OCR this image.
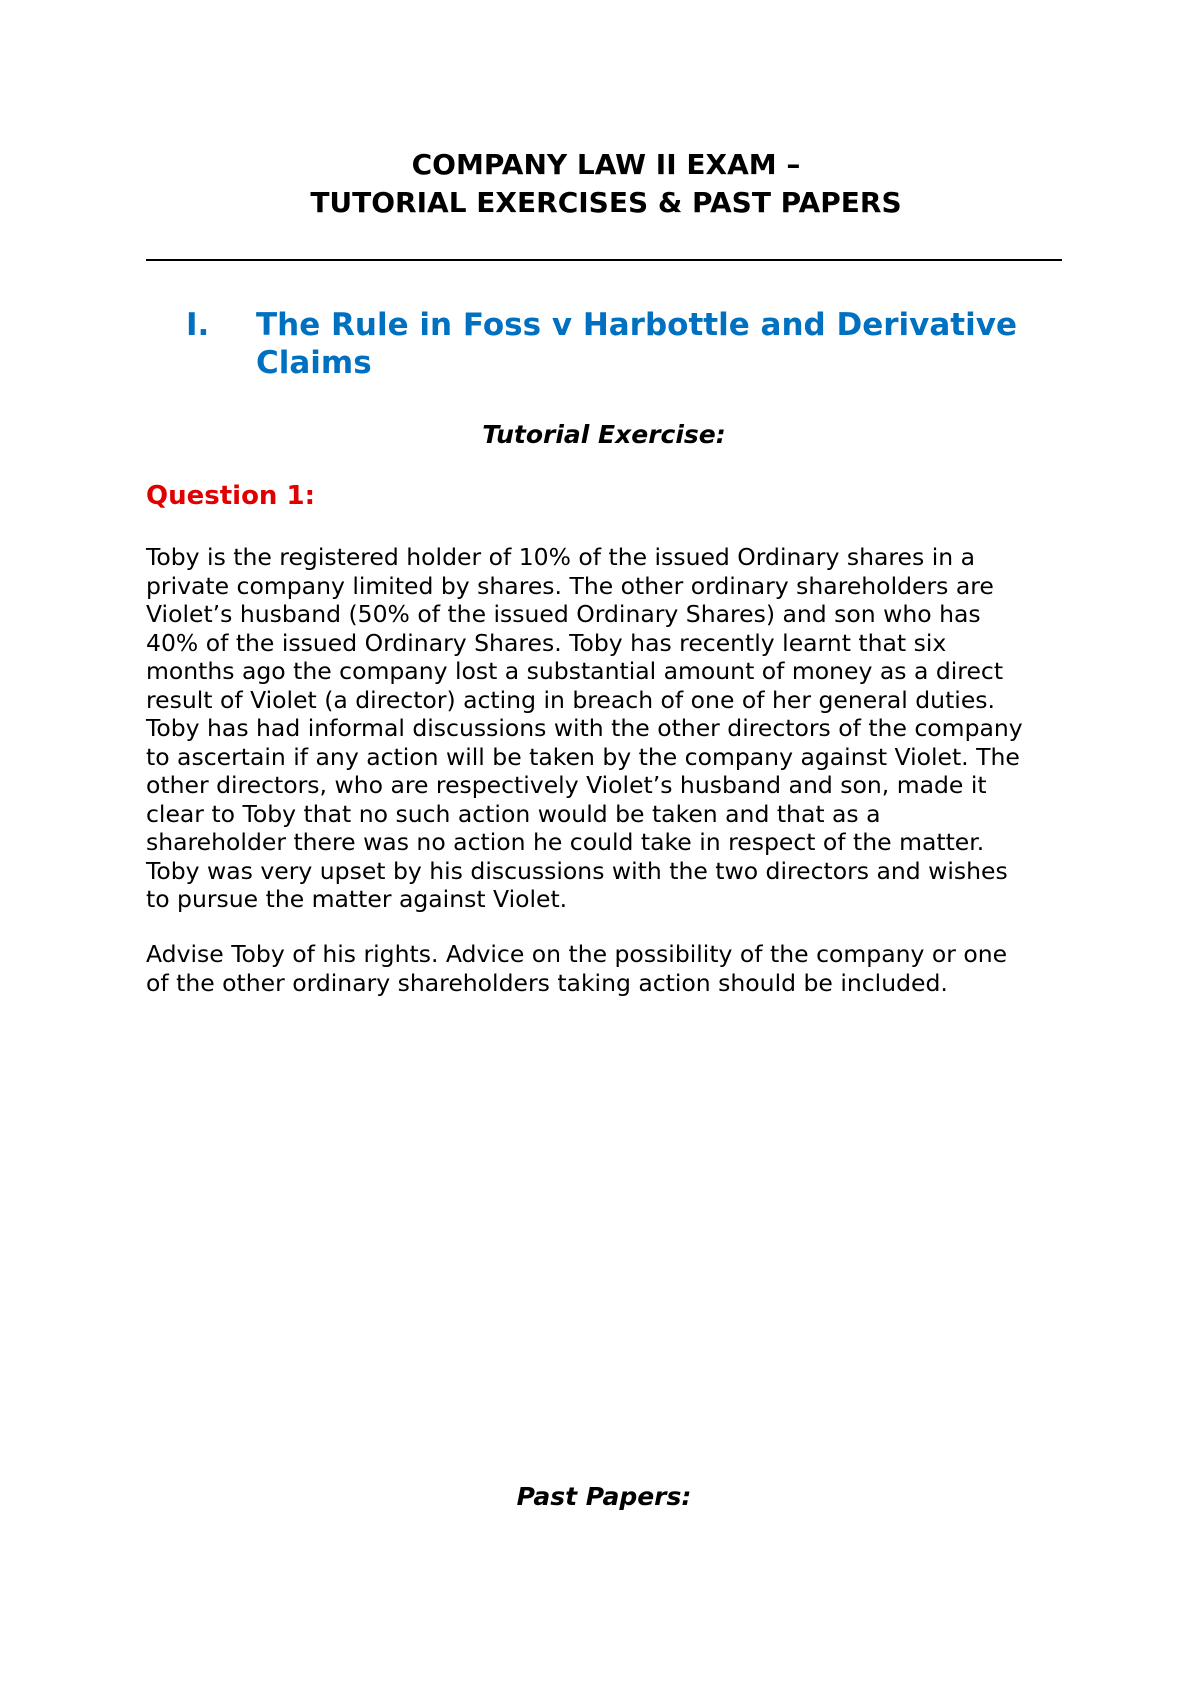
COMPANY LAW II EXAM –
TUTORIAL EXERCISES & PAST PAPERS
I. The Rule in Foss v Harbottle and Derivative
Claims
Tutorial Exercise:
Question 1:
Toby is the registered holder of 10% of the issued Ordinary shares in a
private company limited by shares. The other ordinary shareholders are
Violet’s husband (50% of the issued Ordinary Shares) and son who has
40% of the issued Ordinary Shares. Toby has recently learnt that six
months ago the company lost a substantial amount of money as a direct
result of Violet (a director) acting in breach of one of her general duties.
Toby has had informal discussions with the other directors of the company
to ascertain if any action will be taken by the company against Violet. The
other directors, who are respectively Violet’s husband and son, made it
clear to Toby that no such action would be taken and that as a
shareholder there was no action he could take in respect of the matter.
Toby was very upset by his discussions with the two directors and wishes
to pursue the matter against Violet.
Advise Toby of his rights. Advice on the possibility of the company or one
of the other ordinary shareholders taking action should be included.
Past Papers:
